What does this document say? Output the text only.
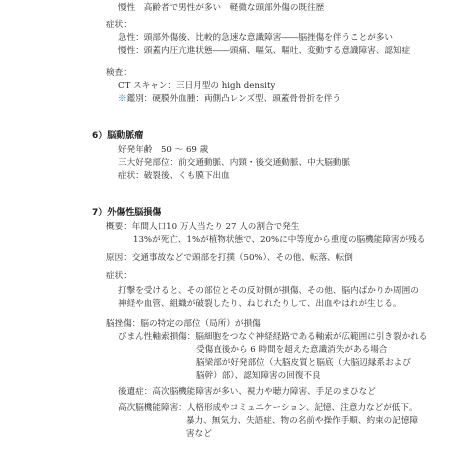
慢性　高齢者で男性が多い　軽微な頭部外傷の既往歴
症状：
急性：頭部外傷後、比較的急速な意識障害――脳挫傷を伴うことが多い
慢性：頭蓋内圧亢進状態――頭痛、嘔気、嘔吐、変動する意識障害、認知症
検査：
CT スキャン：三日月型の high density
※鑑別：硬膜外血腫：両側凸レンズ型、頭蓋骨骨折を伴う
6）脳動脈瘤
好発年齢　50 ～ 69 歳
三大好発部位：前交通動脈、内頸・後交通動脈、中大脳動脈
症状：破裂後、くも膜下出血
7）外傷性脳損傷
概要：年間人口10 万人当たり 27 人の割合で発生
13%が死亡、1%が植物状態で、20%に中等度から重度の脳機能障害が残る
原因：交通事故などで頭部を打撲（50%）、その他、転落、転倒
症状：
打撃を受けると、その部位とその反対側が損傷、その他、脳内ばかりか周囲の
神経や血管、組織が破裂したり、ねじれたりして、出血やはれが生じる。
脳挫傷：脳の特定の部位（局所）が損傷
びまん性軸索損傷：脳細胞をつなぐ神経経路である軸索が広範囲に引き裂かれる
受傷直後から 6 時間を超えた意識消失がある場合
脳梁部が好発部位（大脳皮質と脳底（大脳辺縁系および
脳幹）部）、認知障害の回復不良
後遺症：高次脳機能障害が多い、視力や聴力障害、手足のまひなど
高次脳機能障害：人格形成やコミュニケーション、記憶、注意力などが低下。
暴力、無気力、失語症、物の名前や操作手順、約束の記憶障
害など
